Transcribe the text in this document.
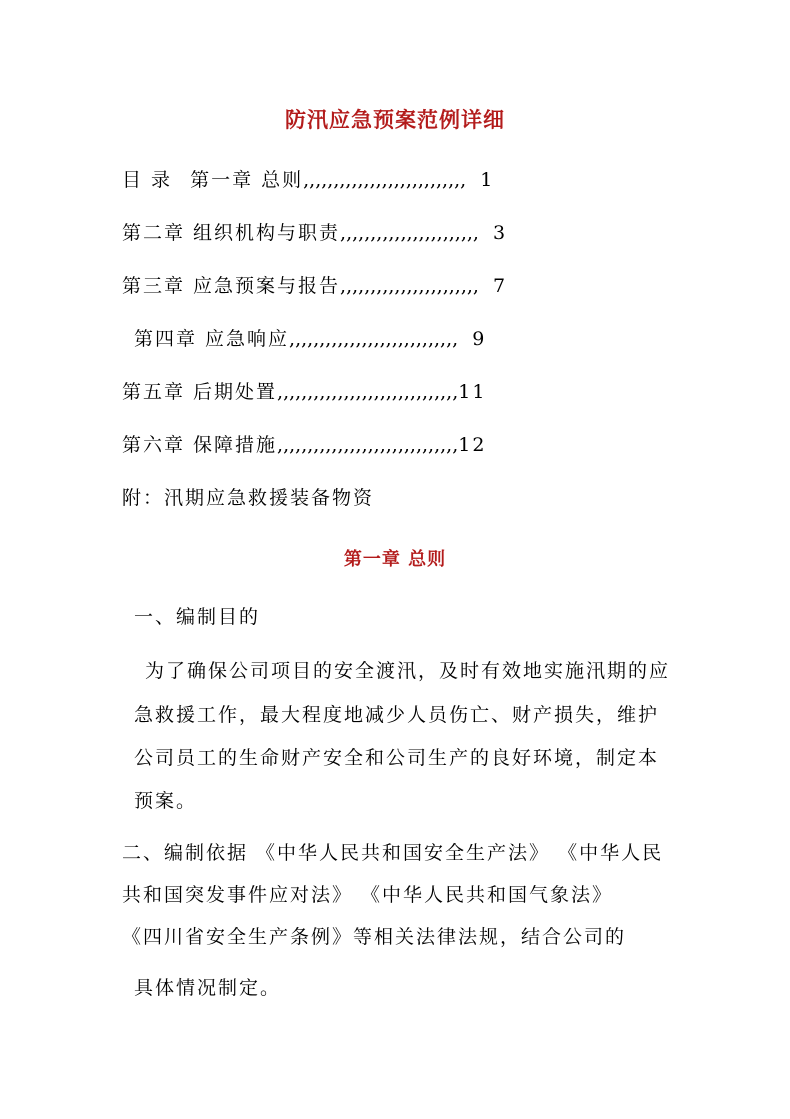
防汛应急预案范例详细
目 录 第一章 总则,,,,,,,,,,,,,,,,,,,,,,,,,,, 1
第二章 组织机构与职责,,,,,,,,,,,,,,,,,,,,,,, 3
第三章 应急预案与报告,,,,,,,,,,,,,,,,,,,,,,, 7
第四章 应急响应,,,,,,,,,,,,,,,,,,,,,,,,,,,, 9
第五章 后期处置,,,,,,,,,,,,,,,,,,,,,,,,,,,,,,11
第六章 保障措施,,,,,,,,,,,,,,,,,,,,,,,,,,,,,,12
附：汛期应急救援装备物资
第一章 总则
一、编制目的
为了确保公司项目的安全渡汛，及时有效地实施汛期的应
急救援工作，最大程度地减少人员伤亡、财产损失，维护
公司员工的生命财产安全和公司生产的良好环境，制定本
预案。
二、编制依据 《中华人民共和国安全生产法》 《中华人民
共和国突发事件应对法》 《中华人民共和国气象法》
《四川省安全生产条例》等相关法律法规，结合公司的
具体情况制定。
